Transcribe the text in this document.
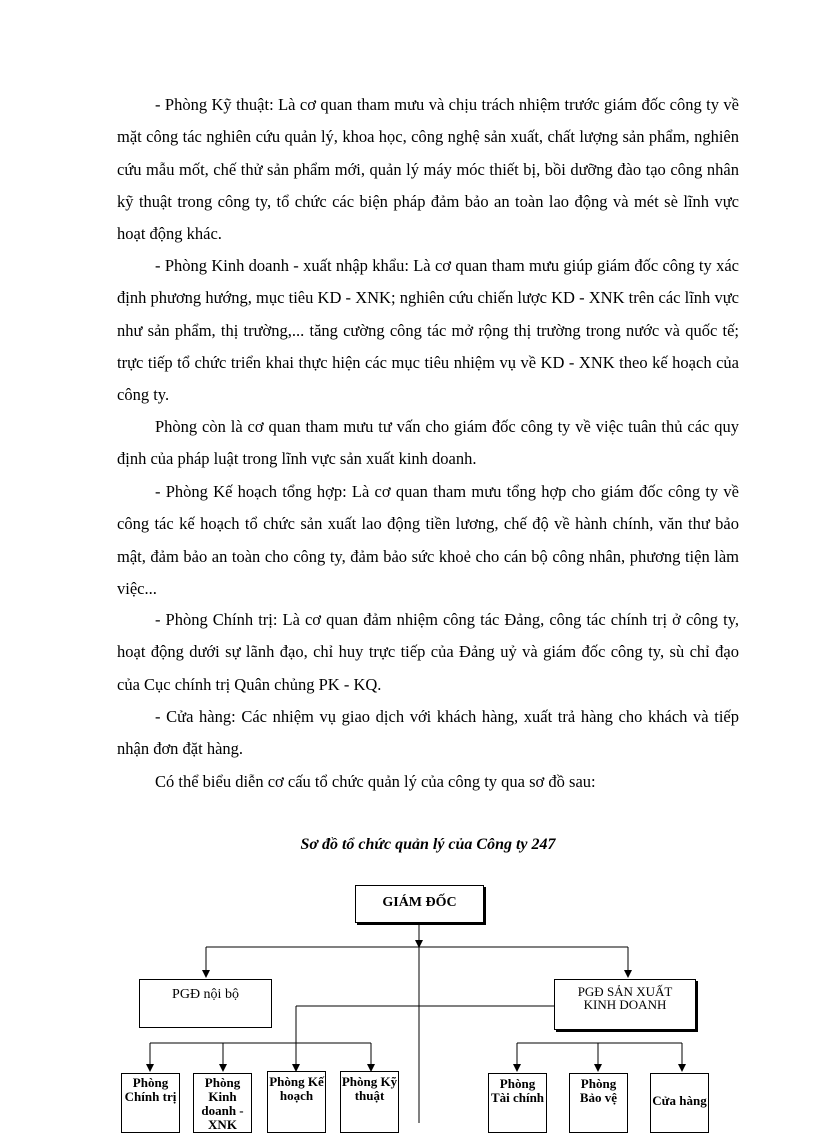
- Phòng Kỹ thuật: Là cơ quan tham mưu và chịu trách nhiệm trước giám đốc công ty về mặt công tác nghiên cứu quản lý, khoa học, công nghệ sản xuất, chất lượng sản phẩm, nghiên cứu mẫu mốt, chế thử sản phẩm mới, quản lý máy móc thiết bị, bồi dưỡng đào tạo công nhân kỹ thuật trong công ty, tổ chức các biện pháp đảm bảo an toàn lao động và mét sè lĩnh vực hoạt động khác.

- Phòng Kinh doanh - xuất nhập khẩu: Là cơ quan tham mưu giúp giám đốc công ty xác định phương hướng, mục tiêu KD - XNK; nghiên cứu chiến lược KD - XNK trên các lĩnh vực như sản phẩm, thị trường,... tăng cường công tác mở rộng thị trường trong nước và quốc tế; trực tiếp tổ chức triển khai thực hiện các mục tiêu nhiệm vụ về KD - XNK theo kế hoạch của công ty.

Phòng còn là cơ quan tham mưu tư vấn cho giám đốc công ty về việc tuân thủ các quy định của pháp luật trong lĩnh vực sản xuất kinh doanh.

- Phòng Kế hoạch tổng hợp: Là cơ quan tham mưu tổng hợp cho giám đốc công ty về công tác kế hoạch tổ chức sản xuất lao động tiền lương, chế độ về hành chính, văn thư bảo mật, đảm bảo an toàn cho công ty, đảm bảo sức khoẻ cho cán bộ công nhân, phương tiện làm việc...

- Phòng Chính trị: Là cơ quan đảm nhiệm công tác Đảng, công tác chính trị ở công ty, hoạt động dưới sự lãnh đạo, chỉ huy trực tiếp của Đảng uỷ và giám đốc công ty, sù chỉ đạo của Cục chính trị Quân chủng PK - KQ.

- Cửa hàng: Các nhiệm vụ giao dịch với khách hàng, xuất trả hàng cho khách và tiếp nhận đơn đặt hàng.

Có thể biểu diễn cơ cấu tổ chức quản lý của công ty qua sơ đồ sau:

Sơ đồ tổ chức quản lý của Công ty 247
GIÁM ĐỐC
PGĐ nội bộ	PGĐ SẢN XUẤT KINH DOANH
Phòng Chính trị
Phòng Kinh doanh - XNK
Phòng Kế hoạch
Phòng Kỹ thuật
Phòng Tài chính
Phòng Bảo vệ	Cửa hàng
